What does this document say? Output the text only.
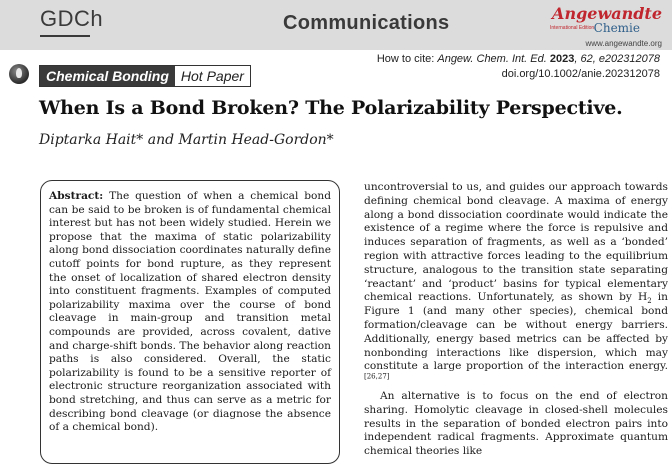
GDCh	Communications	Angewandte
International Edition Chemie
www.angewandte.org
How to cite: Angew. Chem. Int. Ed. 2023, 62, e202312078
doi.org/10.1002/anie.202312078
Chemical Bonding Hot Paper
When Is a Bond Broken? The Polarizability Perspective.
Diptarka Hait* and Martin Head-Gordon*
Abstract: The question of when a chemical bond can be said to be broken is of fundamental chemical interest but has not been widely studied. Herein we propose that the maxima of static polarizability along bond dissociation coordinates naturally define cutoff points for bond rupture, as they represent the onset of localization of shared electron density into constituent fragments. Examples of computed polarizability maxima over the course of bond cleavage in main-group and transition metal compounds are provided, across covalent, dative and charge-shift bonds. The behavior along reaction paths is also considered. Overall, the static polarizability is found to be a sensitive reporter of electronic structure reorganization associated with bond stretching, and thus can serve as a metric for describing bond cleavage (or diagnose the absence of a chemical bond).

uncontroversial to us, and guides our approach towards defining chemical bond cleavage. A maxima of energy along a bond dissociation coordinate would indicate the existence of a regime where the force is repulsive and induces separation of fragments, as well as a ‘bonded’ region with attractive forces leading to the equilibrium structure, analogous to the transition state separating ‘reactant’ and ‘product’ basins for typical elementary chemical reactions. Unfortunately, as shown by $H_2$ in Figure 1 (and many other species), chemical bond formation/cleavage can be without energy barriers. Additionally, energy based metrics can be affected by nonbonding interactions like dispersion, which may constitute a large proportion of the interaction energy.[26,27]

An alternative is to focus on the end of electron sharing. Homolytic cleavage in closed-shell molecules results in the separation of bonded electron pairs into independent radical fragments. Approximate quantum chemical theories like
